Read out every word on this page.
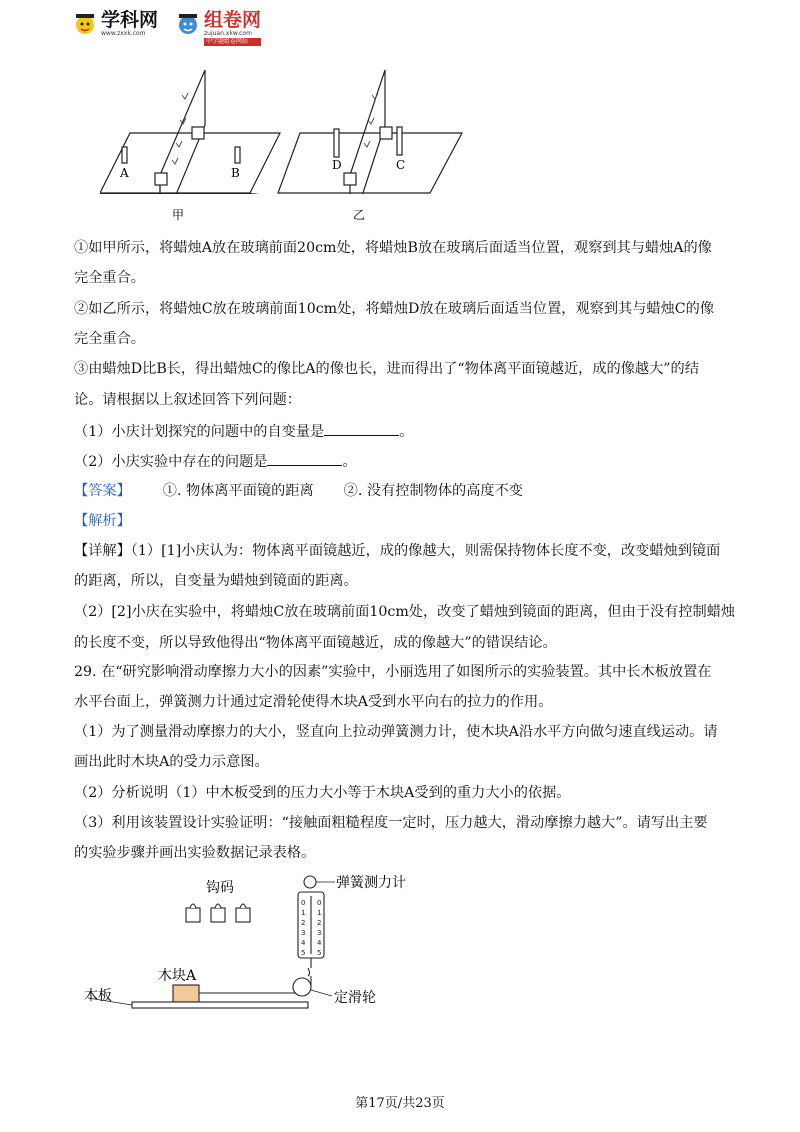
学科网
www.zxxk.com
组卷网
zujuan.xkw.com
中学题组卷网站
A	B
D	C
甲	乙
①如甲所示，将蜡烛A放在玻璃前面20cm处，将蜡烛B放在玻璃后面适当位置，观察到其与蜡烛A的像
完全重合。
②如乙所示，将蜡烛C放在玻璃前面10cm处，将蜡烛D放在玻璃后面适当位置，观察到其与蜡烛C的像
完全重合。
③由蜡烛D比B长，得出蜡烛C的像比A的像也长，进而得出了“物体离平面镜越近，成的像越大”的结
论。请根据以上叙述回答下列问题：
（1）小庆计划探究的问题中的自变量是	。
（2）小庆实验中存在的问题是	。
【答案】 ①. 物体离平面镜的距离 ②. 没有控制物体的高度不变
【解析】
【详解】（1）[1]小庆认为：物体离平面镜越近，成的像越大，则需保持物体长度不变，改变蜡烛到镜面
的距离，所以，自变量为蜡烛到镜面的距离。
（2）[2]小庆在实验中，将蜡烛C放在玻璃前面10cm处，改变了蜡烛到镜面的距离，但由于没有控制蜡烛
的长度不变，所以导致他得出“物体离平面镜越近，成的像越大”的错误结论。
29. 在“研究影响滑动摩擦力大小的因素”实验中，小丽选用了如图所示的实验装置。其中长木板放置在
水平台面上，弹簧测力计通过定滑轮使得木块A受到水平向右的拉力的作用。
（1）为了测量滑动摩擦力的大小，竖直向上拉动弹簧测力计，使木块A沿水平方向做匀速直线运动。请
画出此时木块A的受力示意图。
（2）分析说明（1）中木板受到的压力大小等于木块A受到的重力大小的依据。
（3）利用该装置设计实验证明：“接触面粗糙程度一定时，压力越大，滑动摩擦力越大”。请写出主要
的实验步骤并画出实验数据记录表格。
钩码
0 0
1 1
2 2
3 3
4 4
5 5
弹簧测力计
木块A
木板	定滑轮
第17页/共23页
